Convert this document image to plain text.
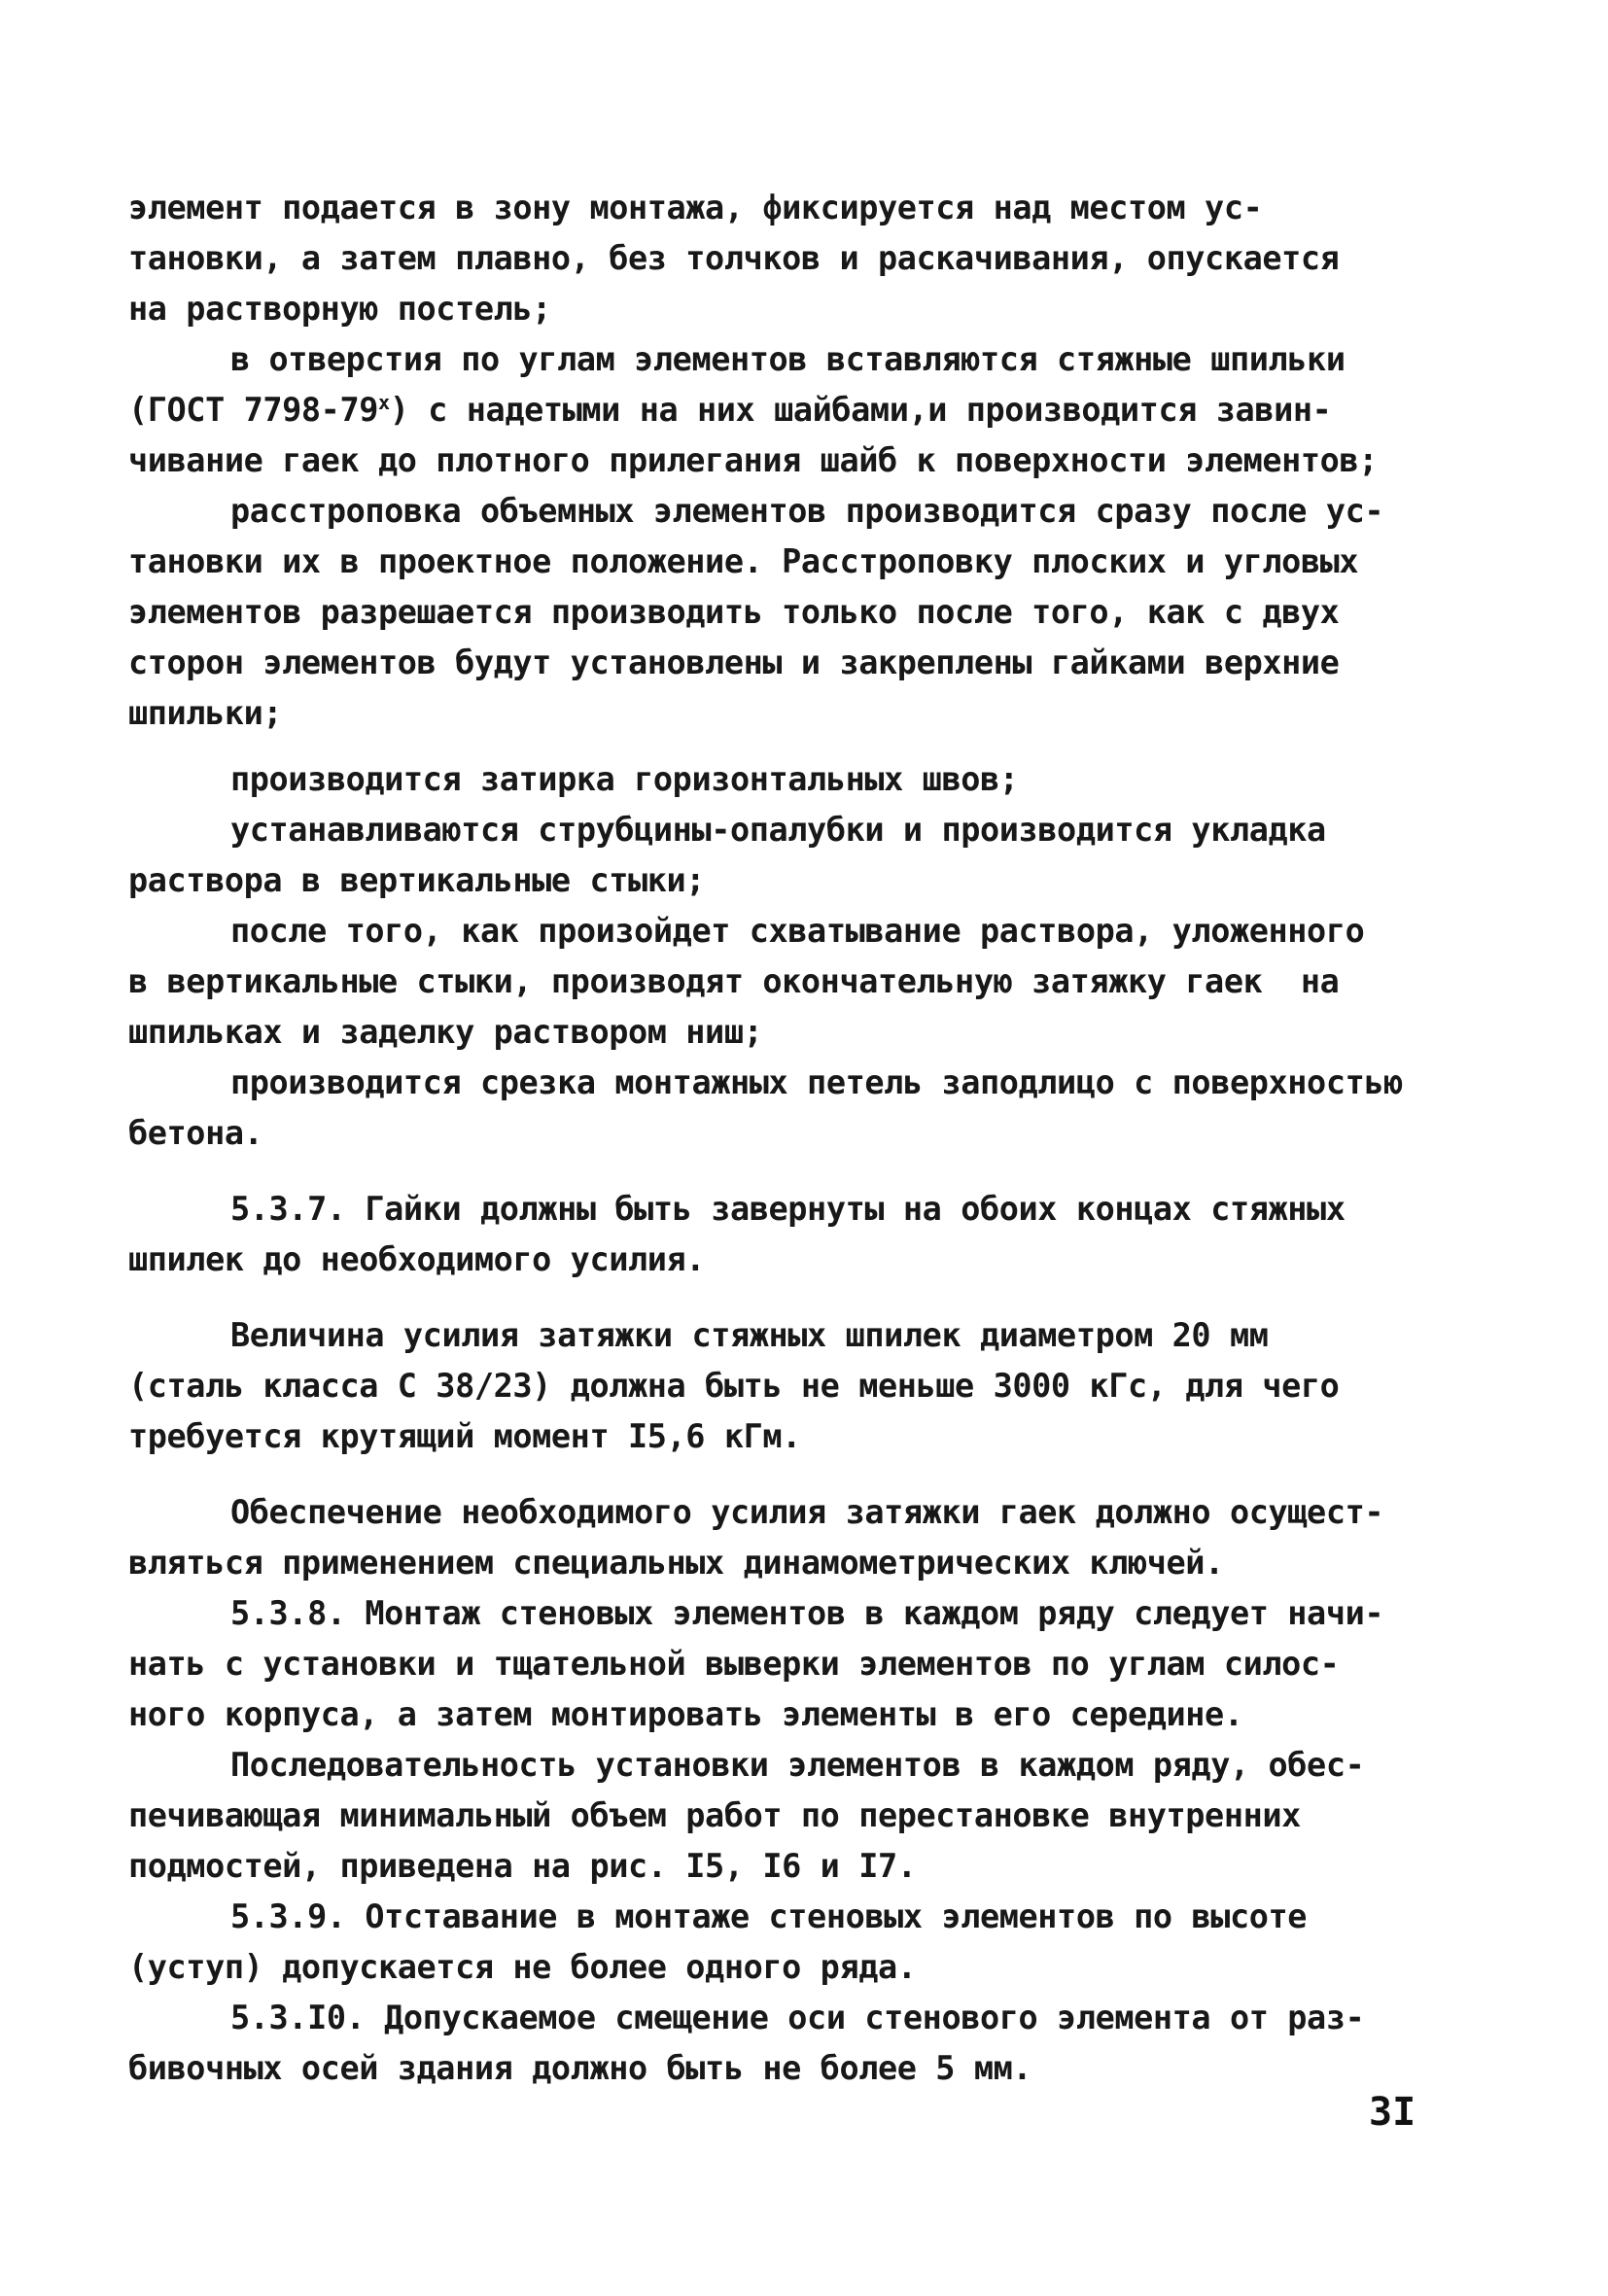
элемент подается в зону монтажа, фиксируется над местом ус-
тановки, а затем плавно, без толчков и раскачивания, опускается
на растворную постель;
в отверстия по углам элементов вставляются стяжные шпильки
(ГОСТ 7798-79$^x$) с надетыми на них шайбами,и производится завин-
чивание гаек до плотного прилегания шайб к поверхности элементов;
расстроповка объемных элементов производится сразу после ус-
тановки их в проектное положение. Расстроповку плоских и угловых
элементов разрешается производить только после того, как с двух
сторон элементов будут установлены и закреплены гайками верхние
шпильки;
производится затирка горизонтальных швов;
устанавливаются струбцины-опалубки и производится укладка
раствора в вертикальные стыки;
после того, как произойдет схватывание раствора, уложенного
в вертикальные стыки, производят окончательную затяжку гаек  на
шпильках и заделку раствором ниш;
производится срезка монтажных петель заподлицо с поверхностью
бетона.
5.3.7. Гайки должны быть завернуты на обоих концах стяжных
шпилек до необходимого усилия.
Величина усилия затяжки стяжных шпилек диаметром 20 мм
(сталь класса С 38/23) должна быть не меньше 3000 кГс, для чего
требуется крутящий момент I5,6 кГм.
Обеспечение необходимого усилия затяжки гаек должно осущест-
вляться применением специальных динамометрических ключей.
5.3.8. Монтаж стеновых элементов в каждом ряду следует начи-
нать с установки и тщательной выверки элементов по углам силос-
ного корпуса, а затем монтировать элементы в его середине.
Последовательность установки элементов в каждом ряду, обес-
печивающая минимальный объем работ по перестановке внутренних
подмостей, приведена на рис. I5, I6 и I7.
5.3.9. Отставание в монтаже стеновых элементов по высоте
(уступ) допускается не более одного ряда.
5.3.I0. Допускаемое смещение оси стенового элемента от раз-
бивочных осей здания должно быть не более 5 мм.
3I
